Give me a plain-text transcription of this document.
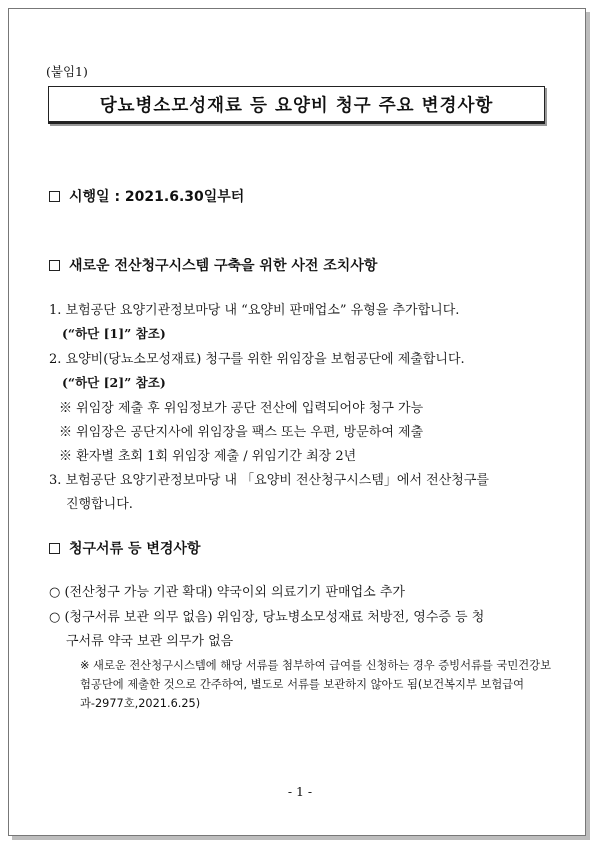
(붙임1)
당뇨병소모성재료 등 요양비 청구 주요 변경사항
시행일 : 2021.6.30일부터
새로운 전산청구시스템 구축을 위한 사전 조치사항
1. 보험공단 요양기관정보마당 내 “요양비 판매업소” 유형을 추가합니다.
(“하단 [1]” 참조)
2. 요양비(당뇨소모성재료) 청구를 위한 위임장을 보험공단에 제출합니다.
(“하단 [2]” 참조)
※ 위임장 제출 후 위임정보가 공단 전산에 입력되어야 청구 가능
※ 위임장은 공단지사에 위임장을 팩스 또는 우편, 방문하여 제출
※ 환자별 초회 1회 위임장 제출 / 위임기간 최장 2년
3. 보험공단 요양기관정보마당 내 「요양비 전산청구시스템」에서 전산청구를
진행합니다.
청구서류 등 변경사항
○ (전산청구 가능 기관 확대) 약국이외 의료기기 판매업소 추가
○ (청구서류 보관 의무 없음) 위임장, 당뇨병소모성재료 처방전, 영수증 등 청
구서류 약국 보관 의무가 없음
※ 새로운 전산청구시스템에 해당 서류를 첨부하여 급여를 신청하는 경우 증빙서류를 국민건강보험공단에 제출한 것으로 간주하여, 별도로 서류를 보관하지 않아도 됨(보건복지부 보험급여과-2977호,2021.6.25)
- 1 -
